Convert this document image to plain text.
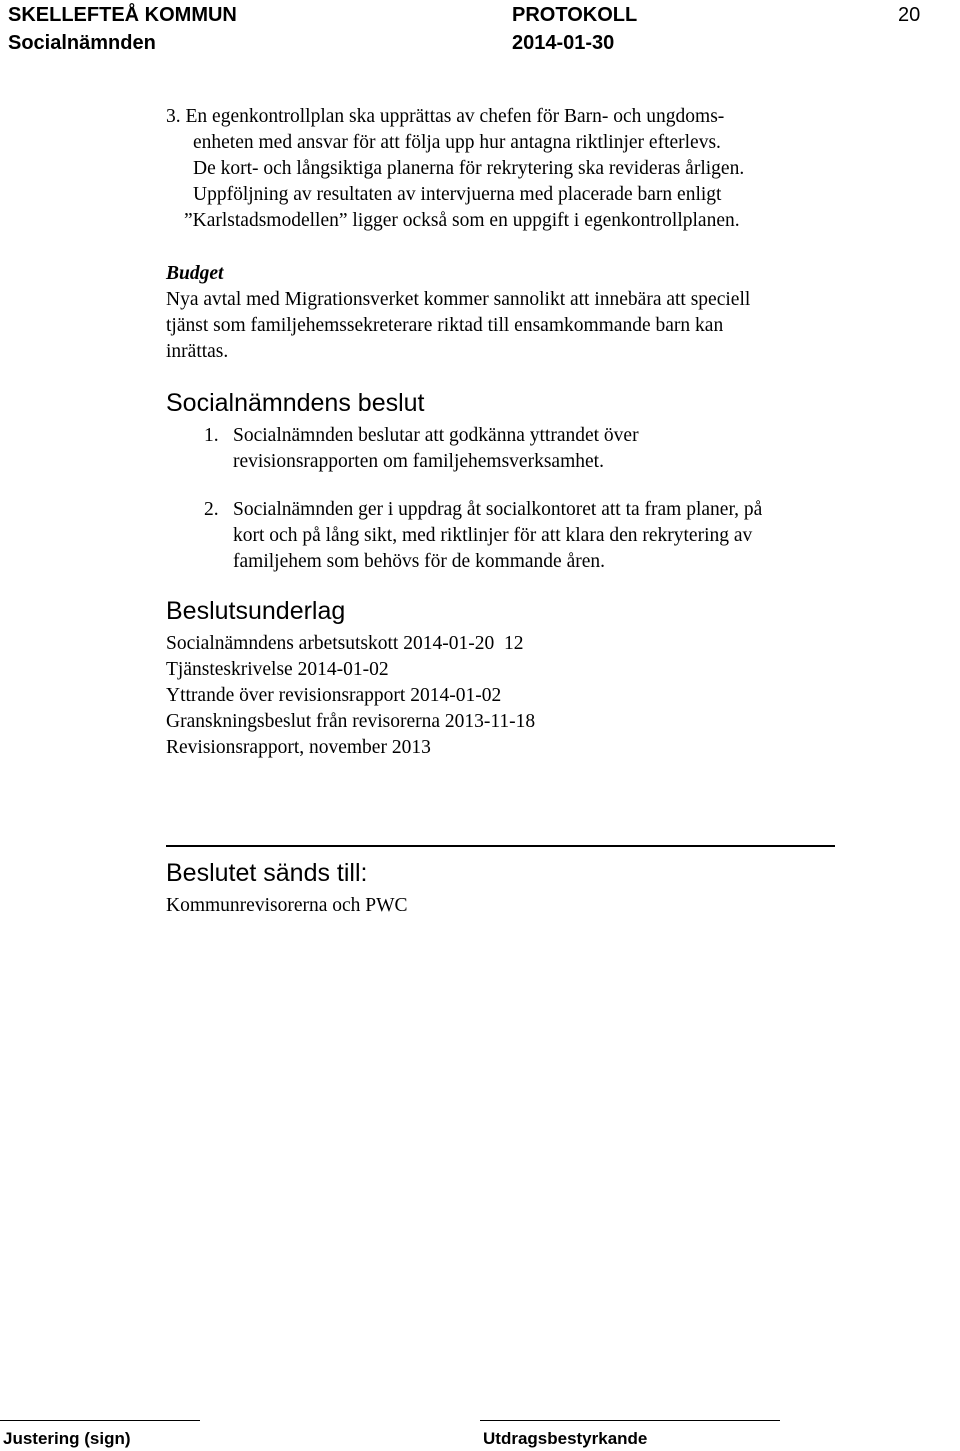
SKELLEFTEÅ KOMMUN	PROTOKOLL	20
Socialnämnden	2014-01-30
3. En egenkontrollplan ska upprättas av chefen för Barn- och ungdoms-
enheten med ansvar för att följa upp hur antagna riktlinjer efterlevs.
De kort- och långsiktiga planerna för rekrytering ska revideras årligen.
Uppföljning av resultaten av intervjuerna med placerade barn enligt
”Karlstadsmodellen” ligger också som en uppgift i egenkontrollplanen.
Budget
Nya avtal med Migrationsverket kommer sannolikt att innebära att speciell
tjänst som familjehemssekreterare riktad till ensamkommande barn kan
inrättas.
Socialnämndens beslut
1. Socialnämnden beslutar att godkänna yttrandet över
revisionsrapporten om familjehemsverksamhet.
2. Socialnämnden ger i uppdrag åt socialkontoret att ta fram planer, på
kort och på lång sikt, med riktlinjer för att klara den rekrytering av
familjehem som behövs för de kommande åren.
Beslutsunderlag
Socialnämndens arbetsutskott 2014-01-20  12
Tjänsteskrivelse 2014-01-02
Yttrande över revisionsrapport 2014-01-02
Granskningsbeslut från revisorerna 2013-11-18
Revisionsrapport, november 2013
Beslutet sänds till:
Kommunrevisorerna och PWC
Justering (sign)	Utdragsbestyrkande
